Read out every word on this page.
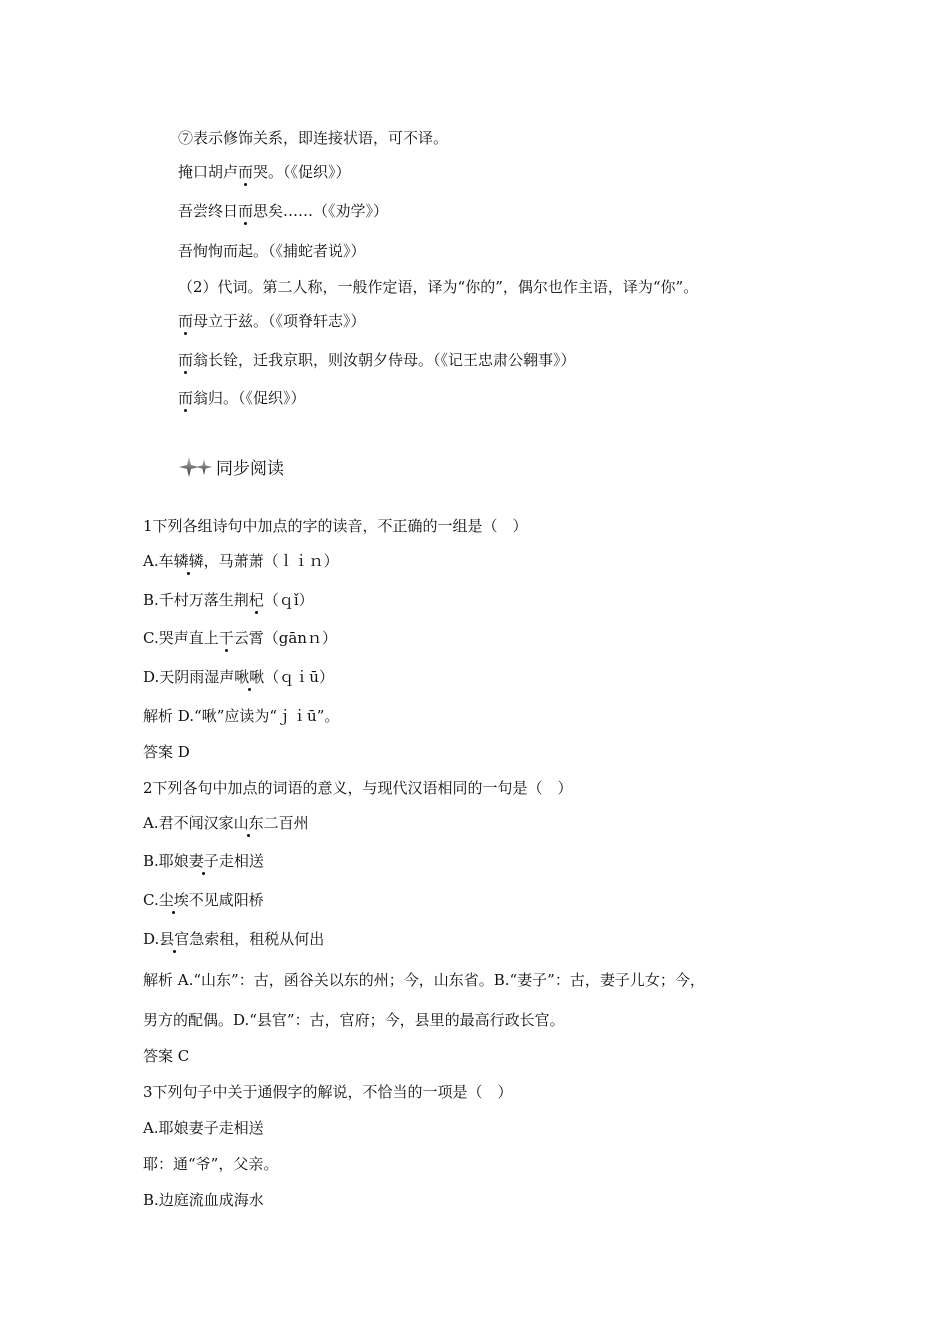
⑦表示修饰关系，即连接状语，可不译。
掩口胡卢而哭。（《促织》）
吾尝终日而思矣……（《劝学》）
吾恂恂而起。（《捕蛇者说》）
（2）代词。第二人称，一般作定语，译为“你的”，偶尔也作主语，译为“你”。
而母立于兹。（《项脊轩志》）
而翁长铨，迁我京职，则汝朝夕侍母。（《记王忠肃公翱事》）
而翁归。（《促织》）
同步阅读
1下列各组诗句中加点的字的读音，不正确的一组是（　）
A.车辚辚，马萧萧（ｌｉｎ）
B.千村万落生荆杞（ｑǐ）
C.哭声直上干云霄（gānｎ）
D.天阴雨湿声啾啾（ｑｉū）
解析 D.“啾”应读为“ｊｉū”。
答案 D
2下列各句中加点的词语的意义，与现代汉语相同的一句是（　）
A.君不闻汉家山东二百州
B.耶娘妻子走相送
C.尘埃不见咸阳桥
D.县官急索租，租税从何出
解析 A.“山东”：古，函谷关以东的州；今，山东省。B.“妻子”：古，妻子儿女；今，
男方的配偶。D.“县官”：古，官府；今，县里的最高行政长官。
答案 C
3下列句子中关于通假字的解说，不恰当的一项是（　）
A.耶娘妻子走相送
耶：通“爷”，父亲。
B.边庭流血成海水
